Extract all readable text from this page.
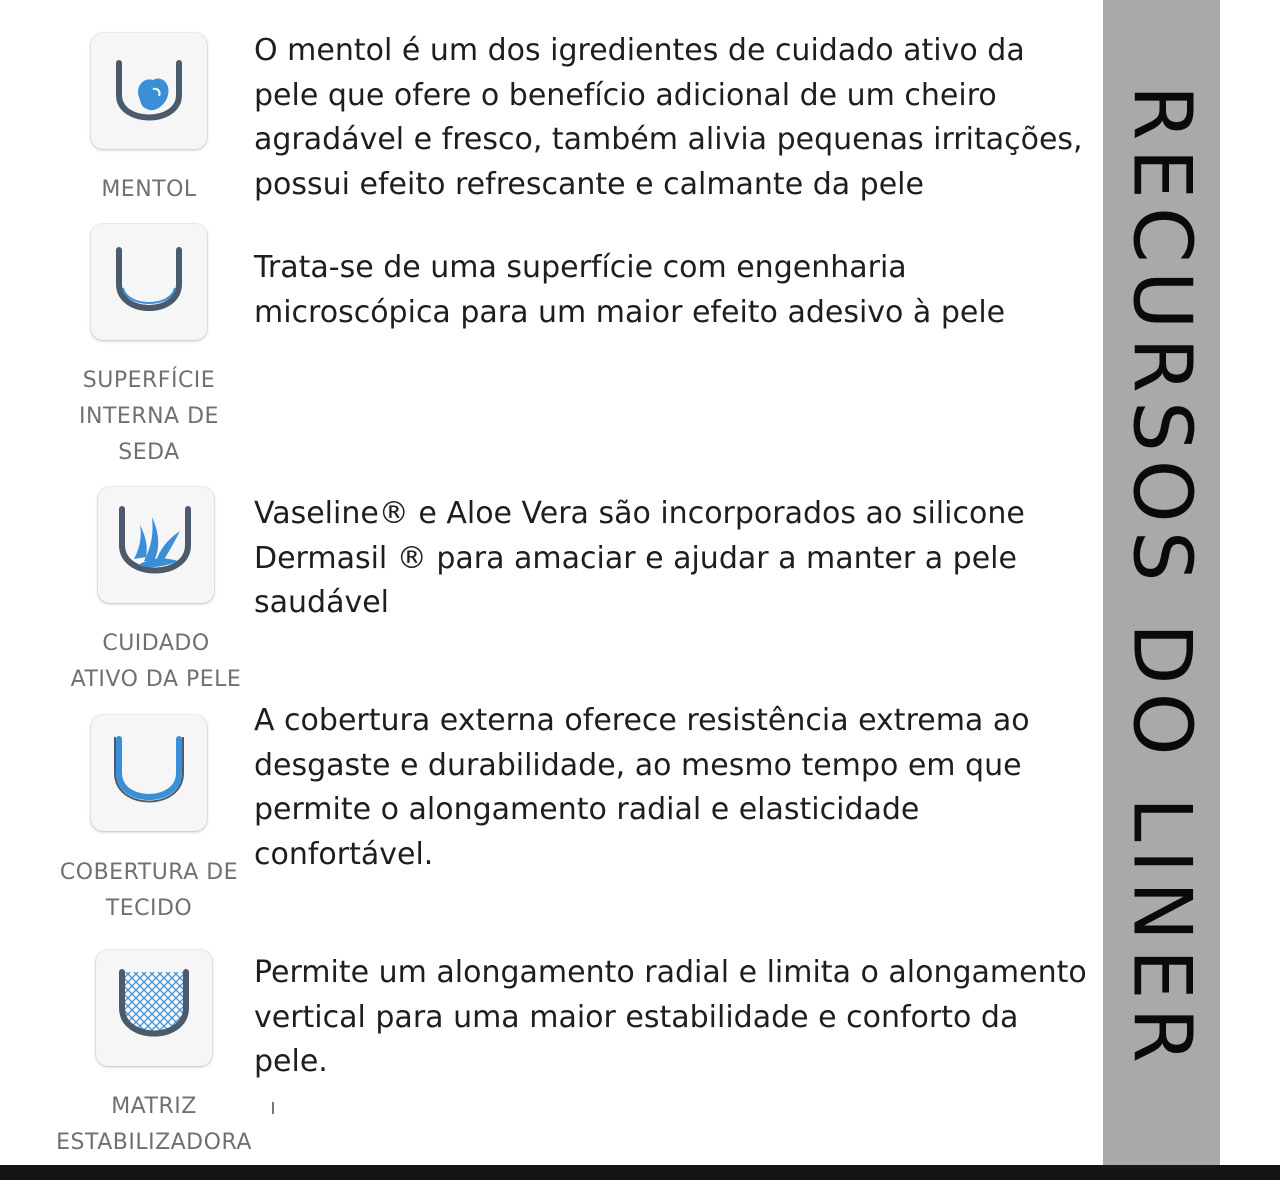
MENTOL

O mentol é um dos igredientes de cuidado ativo da pele que ofere o benefício adicional de um cheiro agradável e fresco, também alivia pequenas irritações, possui efeito refrescante e calmante da pele

SUPERFÍCIE
INTERNA DE
SEDA

Trata-se de uma superfície com engenharia microscópica para um maior efeito adesivo à pele

CUIDADO
ATIVO DA PELE

Vaseline® e Aloe Vera são incorporados ao silicone Dermasil ® para amaciar e ajudar a manter a pele saudável

COBERTURA DE
TECIDO

A cobertura externa oferece resistência extrema ao desgaste e durabilidade, ao mesmo tempo em que permite o alongamento radial e elasticidade confortável.

MATRIZ
ESTABILIZADORA

Permite um alongamento radial e limita o alongamento vertical para uma maior estabilidade e conforto da pele.	RECURSOS DO LINER
